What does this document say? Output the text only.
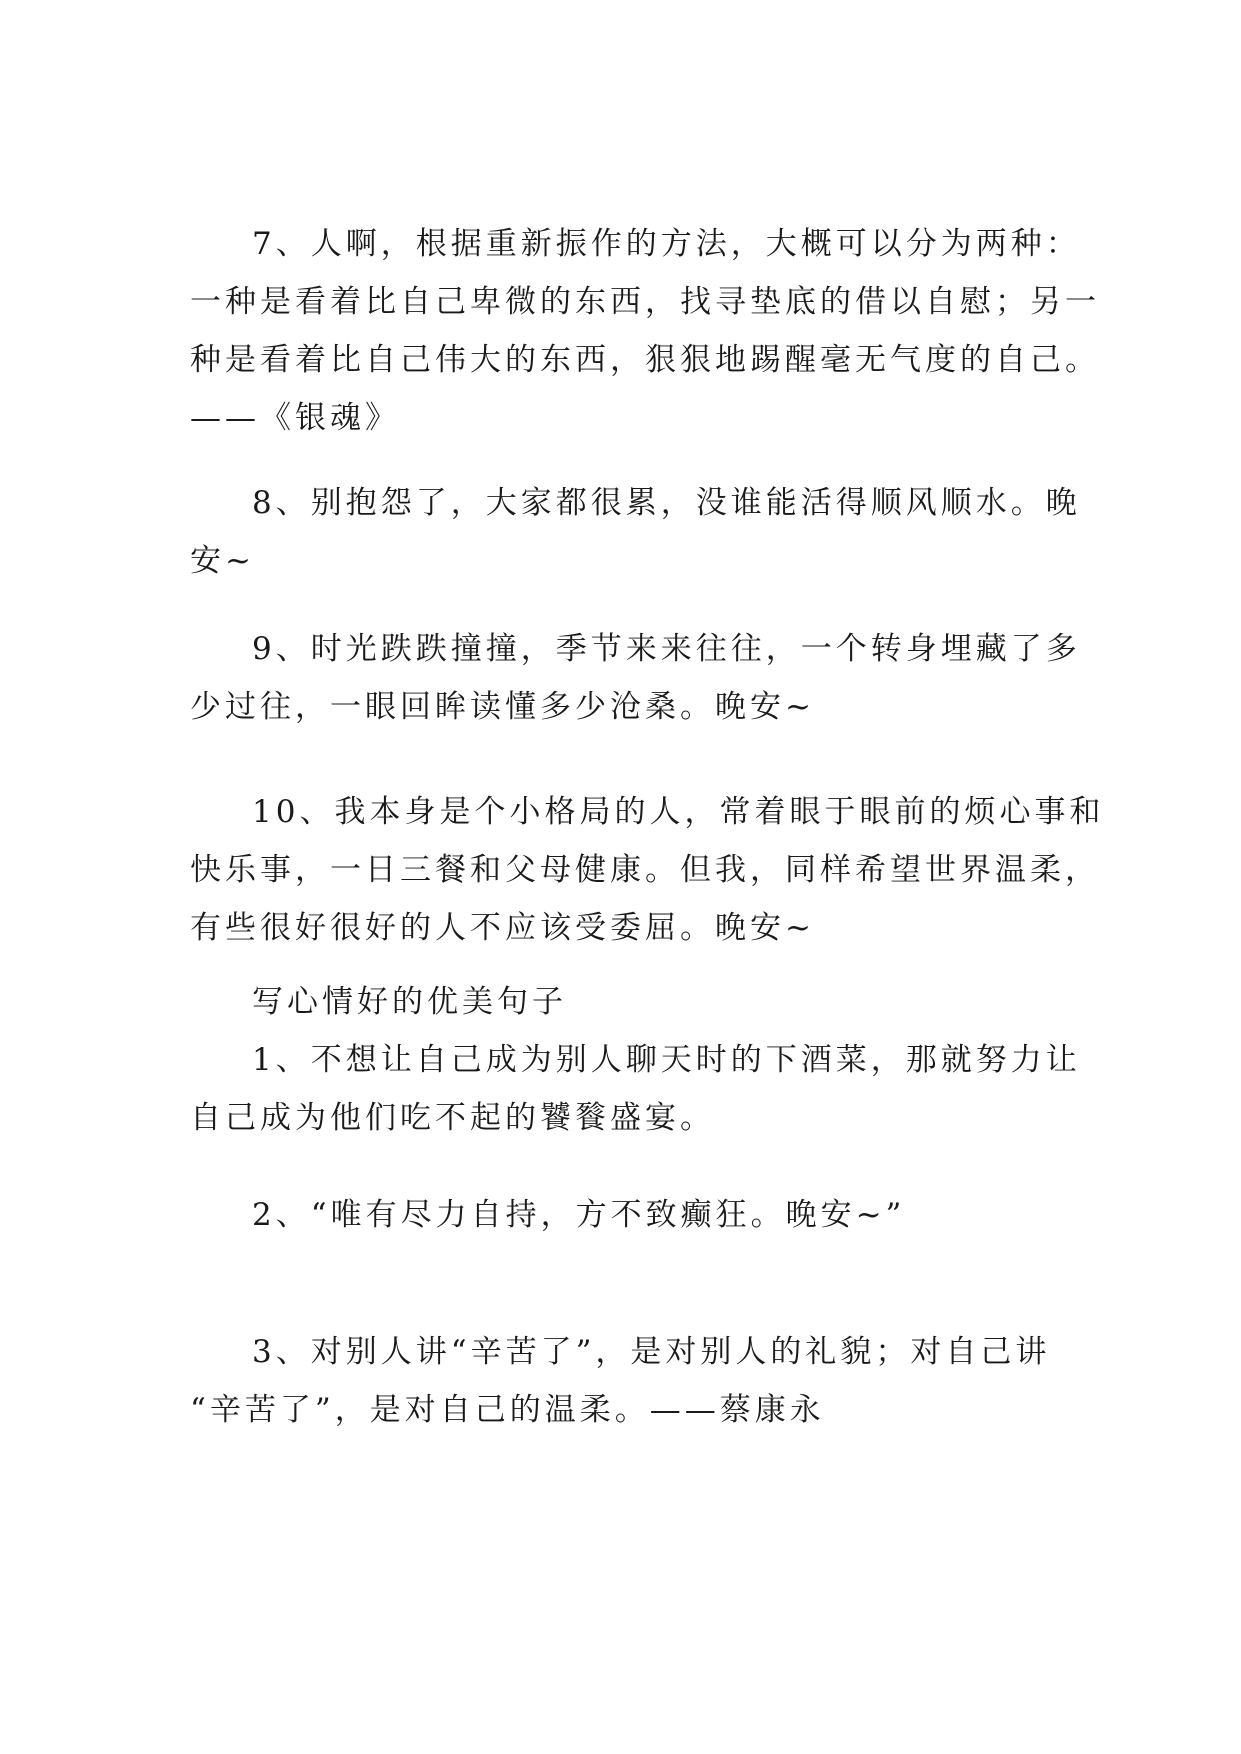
7、人啊，根据重新振作的方法，大概可以分为两种：
一种是看着比自己卑微的东西，找寻垫底的借以自慰；另一
种是看着比自己伟大的东西，狠狠地踢醒毫无气度的自己。
——《银魂》
8、别抱怨了，大家都很累，没谁能活得顺风顺水。晚
安~
9、时光跌跌撞撞，季节来来往往，一个转身埋藏了多
少过往，一眼回眸读懂多少沧桑。晚安~
10、我本身是个小格局的人，常着眼于眼前的烦心事和
快乐事，一日三餐和父母健康。但我，同样希望世界温柔，
有些很好很好的人不应该受委屈。晚安~
写心情好的优美句子
1、不想让自己成为别人聊天时的下酒菜，那就努力让
自己成为他们吃不起的饕餮盛宴。
2、“唯有尽力自持，方不致癫狂。晚安~”
3、对别人讲“辛苦了”，是对别人的礼貌；对自己讲
“辛苦了”，是对自己的温柔。——蔡康永
